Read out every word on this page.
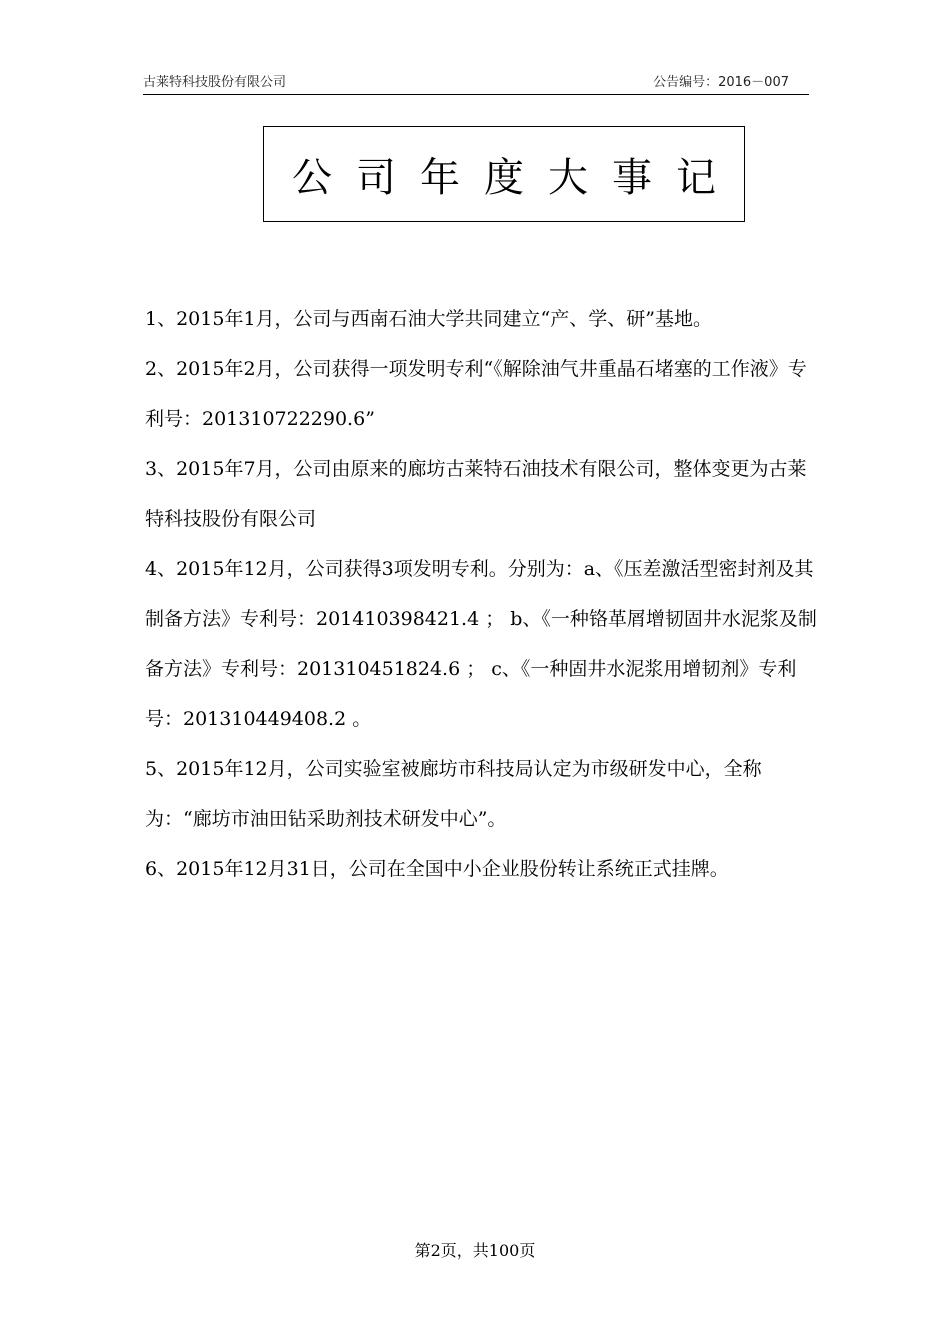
古莱特科技股份有限公司	公告编号：2016－007
公司年度大事记

1、2015年1月，公司与西南石油大学共同建立“产、学、研”基地。

2、2015年2月，公司获得一项发明专利“《解除油气井重晶石堵塞的工作液》专利号：201310722290.6”

3、2015年7月，公司由原来的廊坊古莱特石油技术有限公司，整体变更为古莱特科技股份有限公司

4、2015年12月，公司获得3项发明专利。分别为：a、《压差激活型密封剂及其制备方法》专利号：201410398421.4 ； b、《一种铬革屑增韧固井水泥浆及制备方法》专利号：201310451824.6 ； c、《一种固井水泥浆用增韧剂》专利号：201310449408.2 。

5、2015年12月，公司实验室被廊坊市科技局认定为市级研发中心，全称为：“廊坊市油田钻采助剂技术研发中心”。

6、2015年12月31日，公司在全国中小企业股份转让系统正式挂牌。

第2页，共100页
